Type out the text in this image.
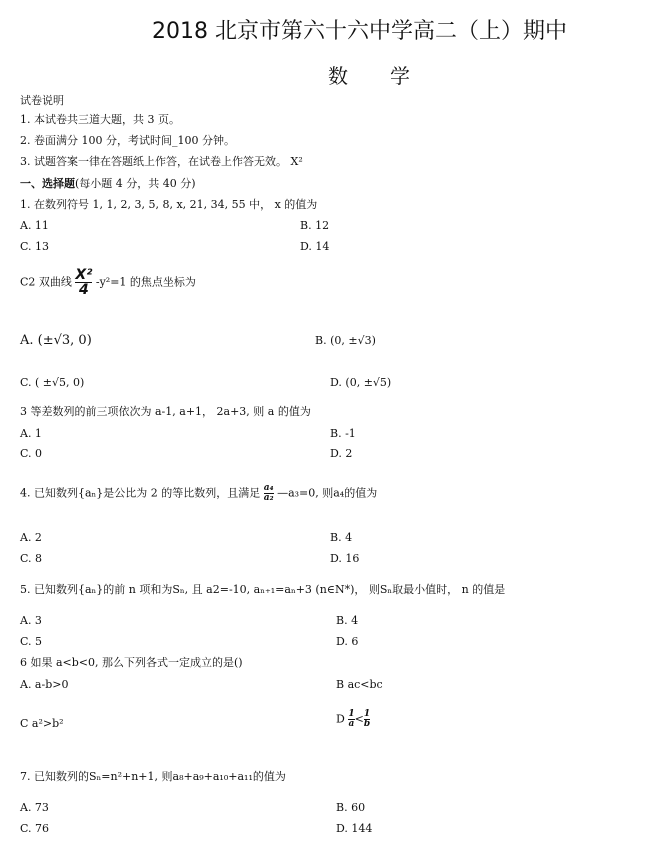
2018 北京市第六十六中学高二（上）期中
数学
试卷说明
1. 本试卷共三道大题，共 3 页。
2. 卷面满分 100 分，考试时间_100 分钟。
3. 试题答案一律在答题纸上作答，在试卷上作答无效。 X²
一、选择题(每小题 4 分，共 40 分)
1. 在数列符号 1, 1, 2, 3, 5, 8, x, 21, 34, 55 中， x 的值为
A. 11	B. 12
C. 13	D. 14
C2 双曲线 $\frac{\text{X²}}{4} -y^2=1$ 的焦点坐标为
A. (±√3, 0)	B. (0, ±√3)
C. ( ±√5, 0)	D. (0, ±√5)
3 等差数列的前三项依次为 a-1, a+1， 2a+3, 则 a 的值为
A. 1	B. -1
C. 0	D. 2
4. 已知数列{aₙ}是公比为 2 的等比数列，且满足 $\frac{\text{a₄}}{\text{a₂}}$ —a₃=0, 则a₄的值为
A. 2	B. 4
C. 8	D. 16
5. 已知数列{aₙ}的前 n 项和为Sₙ, 且 a2=-10, aₙ₊₁=aₙ+3 (n∈N*)， 则Sₙ取最小值时， n 的值是
A. 3	B. 4
C. 5	D. 6
6 如果 a<b<0, 那么下列各式一定成立的是()
A. a-b>0	B ac<bc
C a²>b²	D $\frac{1}{a} < \frac{1}{b}$
7. 已知数列的Sₙ=n²+n+1, 则a₈+a₉+a₁₀+a₁₁的值为
A. 73	B. 60
C. 76	D. 144
